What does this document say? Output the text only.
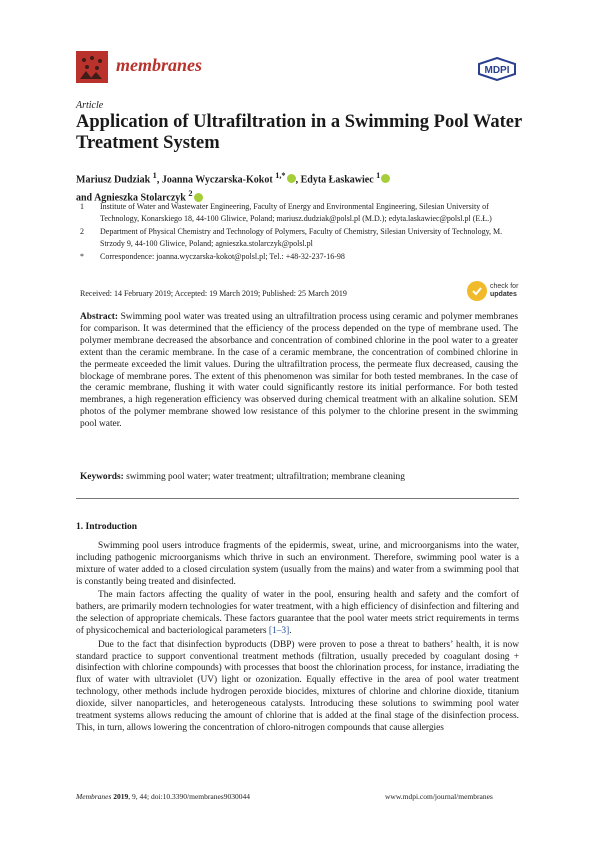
membranes	MDPI
Article
Application of Ultrafiltration in a Swimming Pool Water Treatment System
Mariusz Dudziak $^1$, Joanna Wyczarska-Kokot $^{1,*}$ , Edyta Łaskawiec $^1$
and Agnieszka Stolarczyk $^2$
1	Institute of Water and Wastewater Engineering, Faculty of Energy and Environmental Engineering, Silesian University of Technology, Konarskiego 18, 44-100 Gliwice, Poland; mariusz.dudziak@polsl.pl (M.D.); edyta.laskawiec@polsl.pl (E.Ł.)
2	Department of Physical Chemistry and Technology of Polymers, Faculty of Chemistry, Silesian University of Technology, M. Strzody 9, 44-100 Gliwice, Poland; agnieszka.stolarczyk@polsl.pl
*	Correspondence: joanna.wyczarska-kokot@polsl.pl; Tel.: +48-32-237-16-98
Received: 14 February 2019; Accepted: 19 March 2019; Published: 25 March 2019
check for
updates
Abstract: Swimming pool water was treated using an ultrafiltration process using ceramic and polymer membranes for comparison. It was determined that the efficiency of the process depended on the type of membrane used. The polymer membrane decreased the absorbance and concentration of combined chlorine in the pool water to a greater extent than the ceramic membrane. In the case of a ceramic membrane, the concentration of combined chlorine in the permeate exceeded the limit values. During the ultrafiltration process, the permeate flux decreased, causing the blockage of membrane pores. The extent of this phenomenon was similar for both tested membranes. In the case of the ceramic membrane, flushing it with water could significantly restore its initial performance. For both tested membranes, a high regeneration efficiency was observed during chemical treatment with an alkaline solution. SEM photos of the polymer membrane showed low resistance of this polymer to the chlorine present in the swimming pool water.
Keywords: swimming pool water; water treatment; ultrafiltration; membrane cleaning
1. Introduction

Swimming pool users introduce fragments of the epidermis, sweat, urine, and microorganisms into the water, including pathogenic microorganisms which thrive in such an environment. Therefore, swimming pool water is a mixture of water added to a closed circulation system (usually from the mains) and water from a swimming pool that is constantly being treated and disinfected.

The main factors affecting the quality of water in the pool, ensuring health and safety and the comfort of bathers, are primarily modern technologies for water treatment, with a high efficiency of disinfection and filtering and the selection of appropriate chemicals. These factors guarantee that the pool water meets strict requirements in terms of physicochemical and bacteriological parameters [1–3].

Due to the fact that disinfection byproducts (DBP) were proven to pose a threat to bathers’ health, it is now standard practice to support conventional treatment methods (filtration, usually preceded by coagulant dosing + disinfection with chlorine compounds) with processes that boost the chlorination process, for instance, irradiating the flux of water with ultraviolet (UV) light or ozonization. Equally effective in the area of pool water treatment technology, other methods include hydrogen peroxide biocides, mixtures of chlorine and chlorine dioxide, titanium dioxide, silver nanoparticles, and heterogeneous catalysts. Introducing these solutions to swimming pool water treatment systems allows reducing the amount of chlorine that is added at the final stage of the disinfection process. This, in turn, allows lowering the concentration of chloro-nitrogen compounds that cause allergies

Membranes 2019, 9, 44; doi:10.3390/membranes9030044	www.mdpi.com/journal/membranes
